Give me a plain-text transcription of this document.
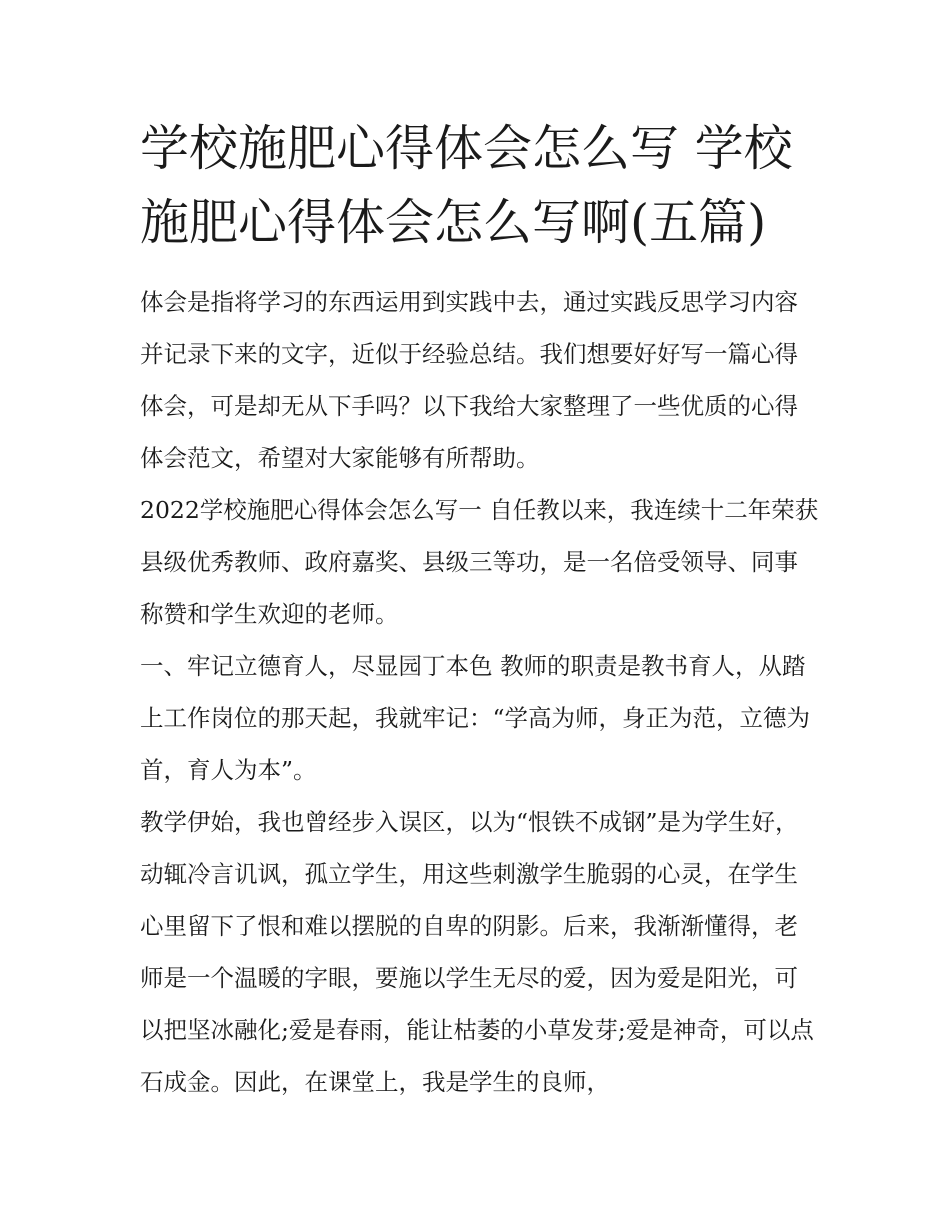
学校施肥心得体会怎么写 学校施肥心得体会怎么写啊(五篇)

体会是指将学习的东西运用到实践中去，通过实践反思学习内容并记录下来的文字，近似于经验总结。我们想要好好写一篇心得体会，可是却无从下手吗？以下我给大家整理了一些优质的心得体会范文，希望对大家能够有所帮助。

2022学校施肥心得体会怎么写一 自任教以来，我连续十二年荣获县级优秀教师、政府嘉奖、县级三等功，是一名倍受领导、同事称赞和学生欢迎的老师。

一、牢记立德育人，尽显园丁本色 教师的职责是教书育人，从踏上工作岗位的那天起，我就牢记：“学高为师，身正为范，立德为首，育人为本”。

教学伊始，我也曾经步入误区，以为“恨铁不成钢”是为学生好，动辄冷言讥讽，孤立学生，用这些刺激学生脆弱的心灵，在学生心里留下了恨和难以摆脱的自卑的阴影。后来，我渐渐懂得，老师是一个温暖的字眼，要施以学生无尽的爱，因为爱是阳光，可以把坚冰融化;爱是春雨，能让枯萎的小草发芽;爱是神奇，可以点石成金。因此，在课堂上，我是学生的良师，
